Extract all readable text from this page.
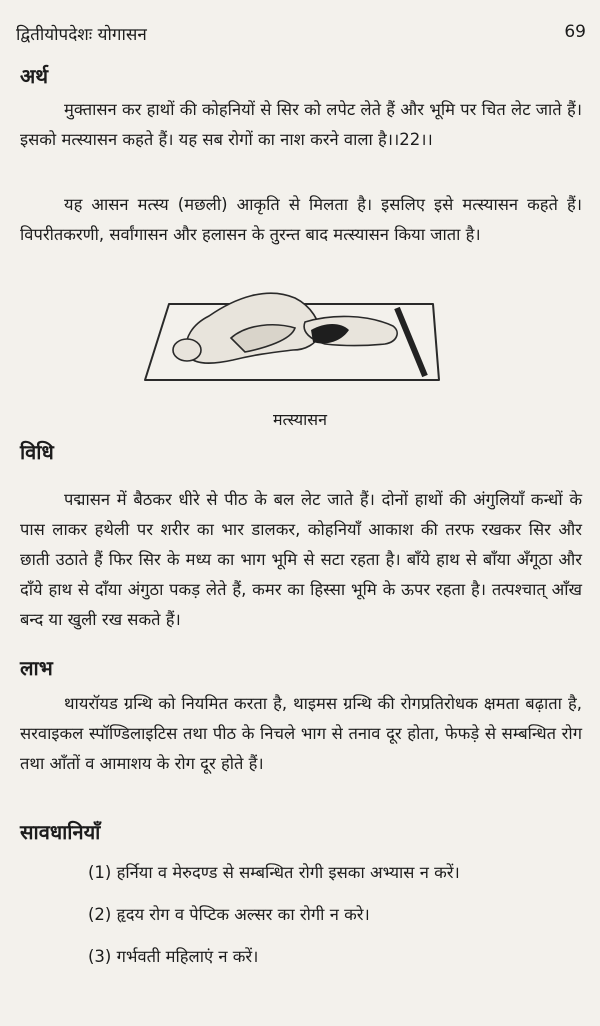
द्वितीयोपदेशः योगासन	69
अर्थ

मुक्तासन कर हाथों की कोहनियों से सिर को लपेट लेते हैं और भूमि पर चित लेट जाते हैं। इसको मत्स्यासन कहते हैं। यह सब रोगों का नाश करने वाला है।।22।।

यह आसन मत्स्य (मछली) आकृति से मिलता है। इसलिए इसे मत्स्यासन कहते हैं। विपरीतकरणी, सर्वांगासन और हलासन के तुरन्त बाद मत्स्यासन किया जाता है।

मत्स्यासन
विधि

पद्मासन में बैठकर धीरे से पीठ के बल लेट जाते हैं। दोनों हाथों की अंगुलियाँ कन्धों के पास लाकर हथेली पर शरीर का भार डालकर, कोहनियाँ आकाश की तरफ रखकर सिर और छाती उठाते हैं फिर सिर के मध्य का भाग भूमि से सटा रहता है। बाँये हाथ से बाँया अँगूठा और दाँये हाथ से दाँया अंगुठा पकड़ लेते हैं, कमर का हिस्सा भूमि के ऊपर रहता है। तत्पश्चात् आँख बन्द या खुली रख सकते हैं।

लाभ

थायरॉयड ग्रन्थि को नियमित करता है, थाइमस ग्रन्थि की रोगप्रतिरोधक क्षमता बढ़ाता है, सरवाइकल स्पॉण्डिलाइटिस तथा पीठ के निचले भाग से तनाव दूर होता, फेफड़े से सम्बन्धित रोग तथा आँतों व आमाशय के रोग दूर होते हैं।

सावधानियाँ
(1) हर्निया व मेरुदण्ड से सम्बन्धित रोगी इसका अभ्यास न करें।
(2) हृदय रोग व पेप्टिक अल्सर का रोगी न करे।
(3) गर्भवती महिलाएं न करें।
